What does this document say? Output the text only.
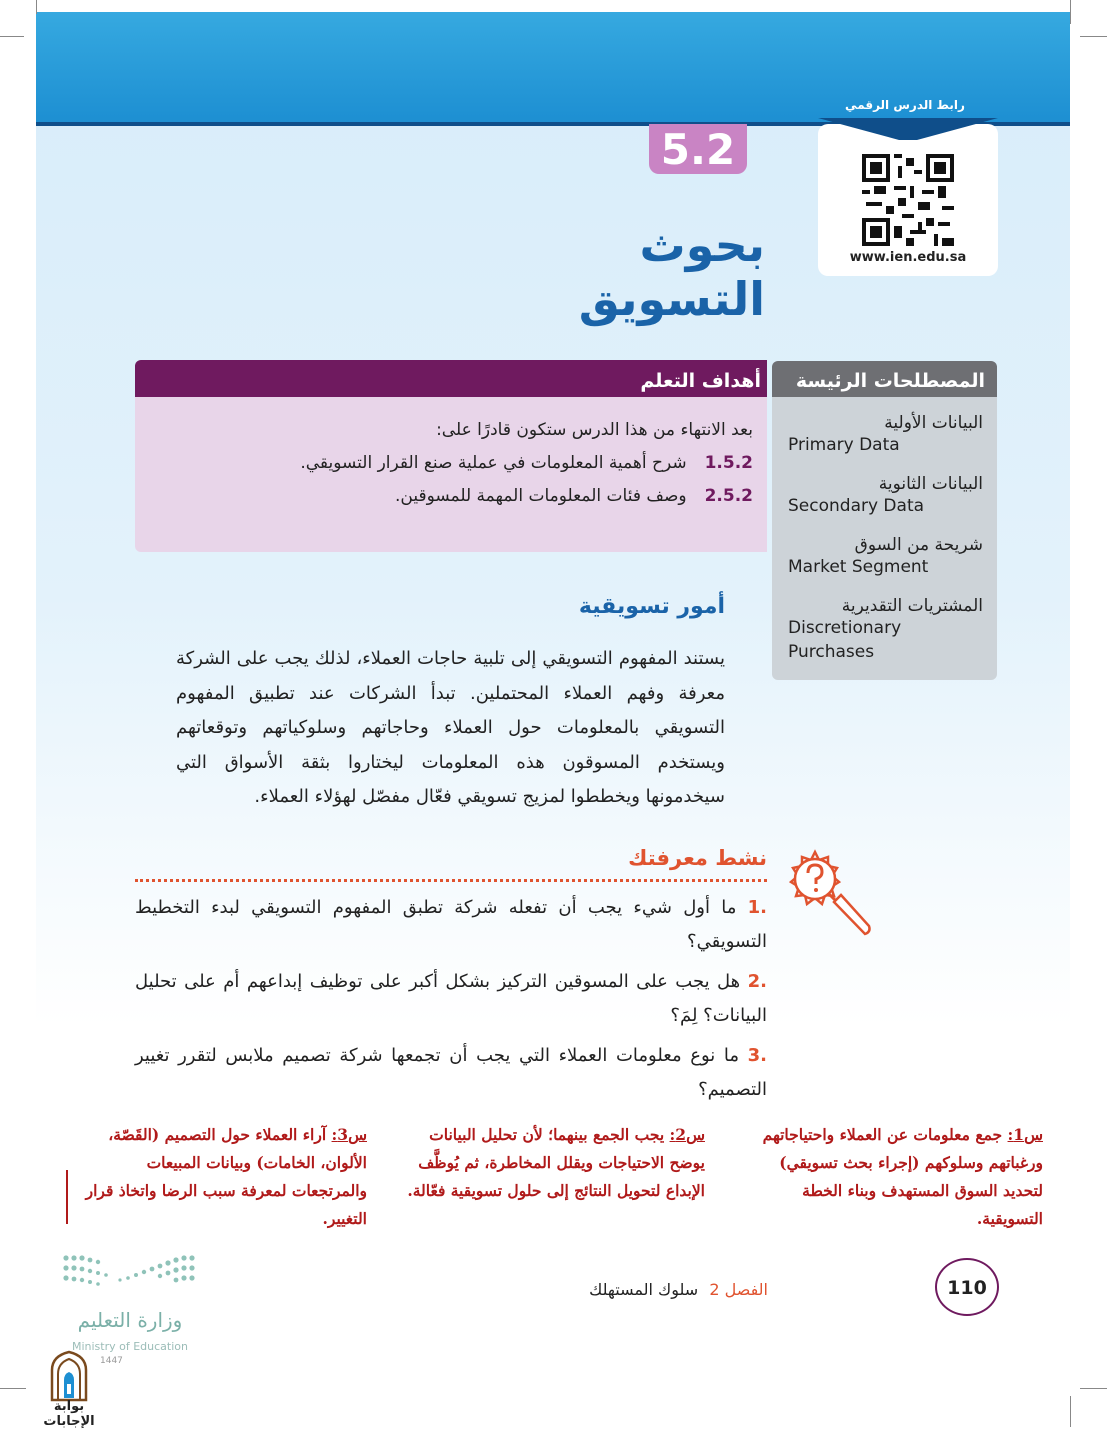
رابط الدرس الرقمي
www.ien.edu.sa
5.2
بحوث التسويق
المصطلحات الرئيسة
البيانات الأولية
Primary Data
البيانات الثانوية
Secondary Data
شريحة من السوق
Market Segment
المشتريات التقديرية
Discretionary Purchases
أهداف التعلم
بعد الانتهاء من هذا الدرس ستكون قادرًا على:
1.5.2شرح أهمية المعلومات في عملية صنع القرار التسويقي.
2.5.2وصف فئات المعلومات المهمة للمسوقين.
أمور تسويقية
يستند المفهوم التسويقي إلى تلبية حاجات العملاء، لذلك يجب على الشركة معرفة وفهم العملاء المحتملين. تبدأ الشركات عند تطبيق المفهوم التسويقي بالمعلومات حول العملاء وحاجاتهم وسلوكياتهم وتوقعاتهم ويستخدم المسوقون هذه المعلومات ليختاروا بثقة الأسواق التي سيخدمونها ويخططوا لمزيج تسويقي فعّال مفصّل لهؤلاء العملاء.
نشط معرفتك
.1 ما أول شيء يجب أن تفعله شركة تطبق المفهوم التسويقي لبدء التخطيط التسويقي؟
.2 هل يجب على المسوقين التركيز بشكل أكبر على توظيف إبداعهم أم على تحليل البيانات؟ لِمَ؟
.3 ما نوع معلومات العملاء التي يجب أن تجمعها شركة تصميم ملابس لتقرر تغيير التصميم؟
س1: جمع معلومات عن العملاء واحتياجاتهم ورغباتهم وسلوكهم (إجراء بحث تسويقي) لتحديد السوق المستهدف وبناء الخطة التسويقية.
س2: يجب الجمع بينهما؛ لأن تحليل البيانات يوضح الاحتياجات ويقلل المخاطرة، ثم يُوظَّف الإبداع لتحويل النتائج إلى حلول تسويقية فعّالة.
س3: آراء العملاء حول التصميم (القَصّة، الألوان، الخامات) وبيانات المبيعات والمرتجعات لمعرفة سبب الرضا واتخاذ قرار التغيير.
110
الفصل 2 سلوك المستهلك
وزارة التعليم
Ministry of Education
1447
بوابة الإجابات
